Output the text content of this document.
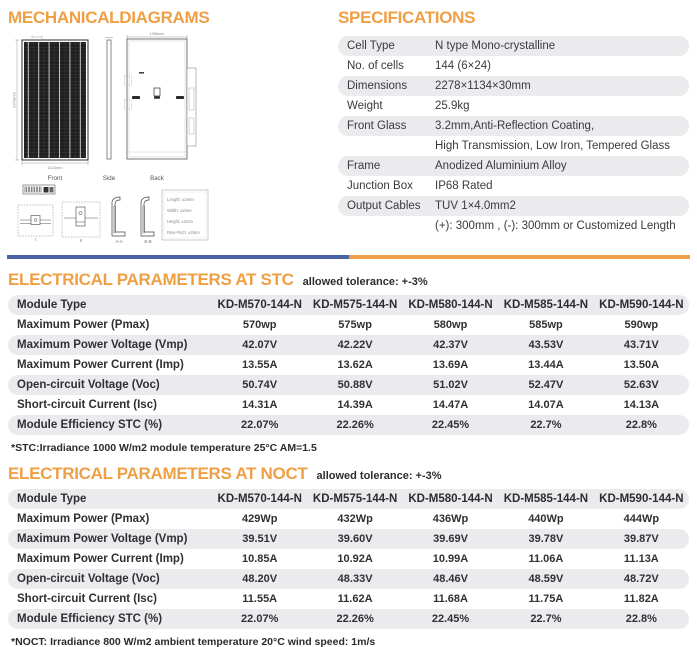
MECHANICALDIAGRAMS
2278mm
1134mm
Front	Side
1086mm
Back
I	II	A-A	B-B
Length: ±2mm
Width: ±2mm
Height: ±1mm
Row Pitch: ±2mm
SPECIFICATIONS
Cell Type	N type Mono-crystalline
No. of cells	144 (6×24)
Dimensions	2278×1134×30mm
Weight	25.9kg
Front Glass	3.2mm,Anti-Reflection Coating,
High Transmission, Low Iron, Tempered Glass
Frame	Anodized Aluminium Alloy
Junction Box	IP68 Rated
Output Cables	TUV 1×4.0mm2
(+): 300mm , (-): 300mm or Customized Length
ELECTRICAL PARAMETERS AT STC allowed tolerance: +-3%
Module Type	KD-M570-144-N KD-M575-144-N KD-M580-144-N KD-M585-144-N KD-M590-144-N
Maximum Power (Pmax)	570wp	575wp	580wp	585wp	590wp
Maximum Power Voltage (Vmp)	42.07V	42.22V	42.37V	43.53V	43.71V
Maximum Power Current (Imp)	13.55A	13.62A	13.69A	13.44A	13.50A
Open-circuit Voltage (Voc)	50.74V	50.88V	51.02V	52.47V	52.63V
Short-circuit Current (Isc)	14.31A	14.39A	14.47A	14.07A	14.13A
Module Efficiency STC (%)	22.07%	22.26%	22.45%	22.7%	22.8%
*STC:Irradiance 1000 W/m2 module temperature 25°C AM=1.5
ELECTRICAL PARAMETERS AT NOCT allowed tolerance: +-3%
Module Type	KD-M570-144-N KD-M575-144-N KD-M580-144-N KD-M585-144-N KD-M590-144-N
Maximum Power (Pmax)	429Wp	432Wp	436Wp	440Wp	444Wp
Maximum Power Voltage (Vmp)	39.51V	39.60V	39.69V	39.78V	39.87V
Maximum Power Current (Imp)	10.85A	10.92A	10.99A	11.06A	11.13A
Open-circuit Voltage (Voc)	48.20V	48.33V	48.46V	48.59V	48.72V
Short-circuit Current (Isc)	11.55A	11.62A	11.68A	11.75A	11.82A
Module Efficiency STC (%)	22.07%	22.26%	22.45%	22.7%	22.8%
*NOCT: Irradiance 800 W/m2 ambient temperature 20°C wind speed: 1m/s
